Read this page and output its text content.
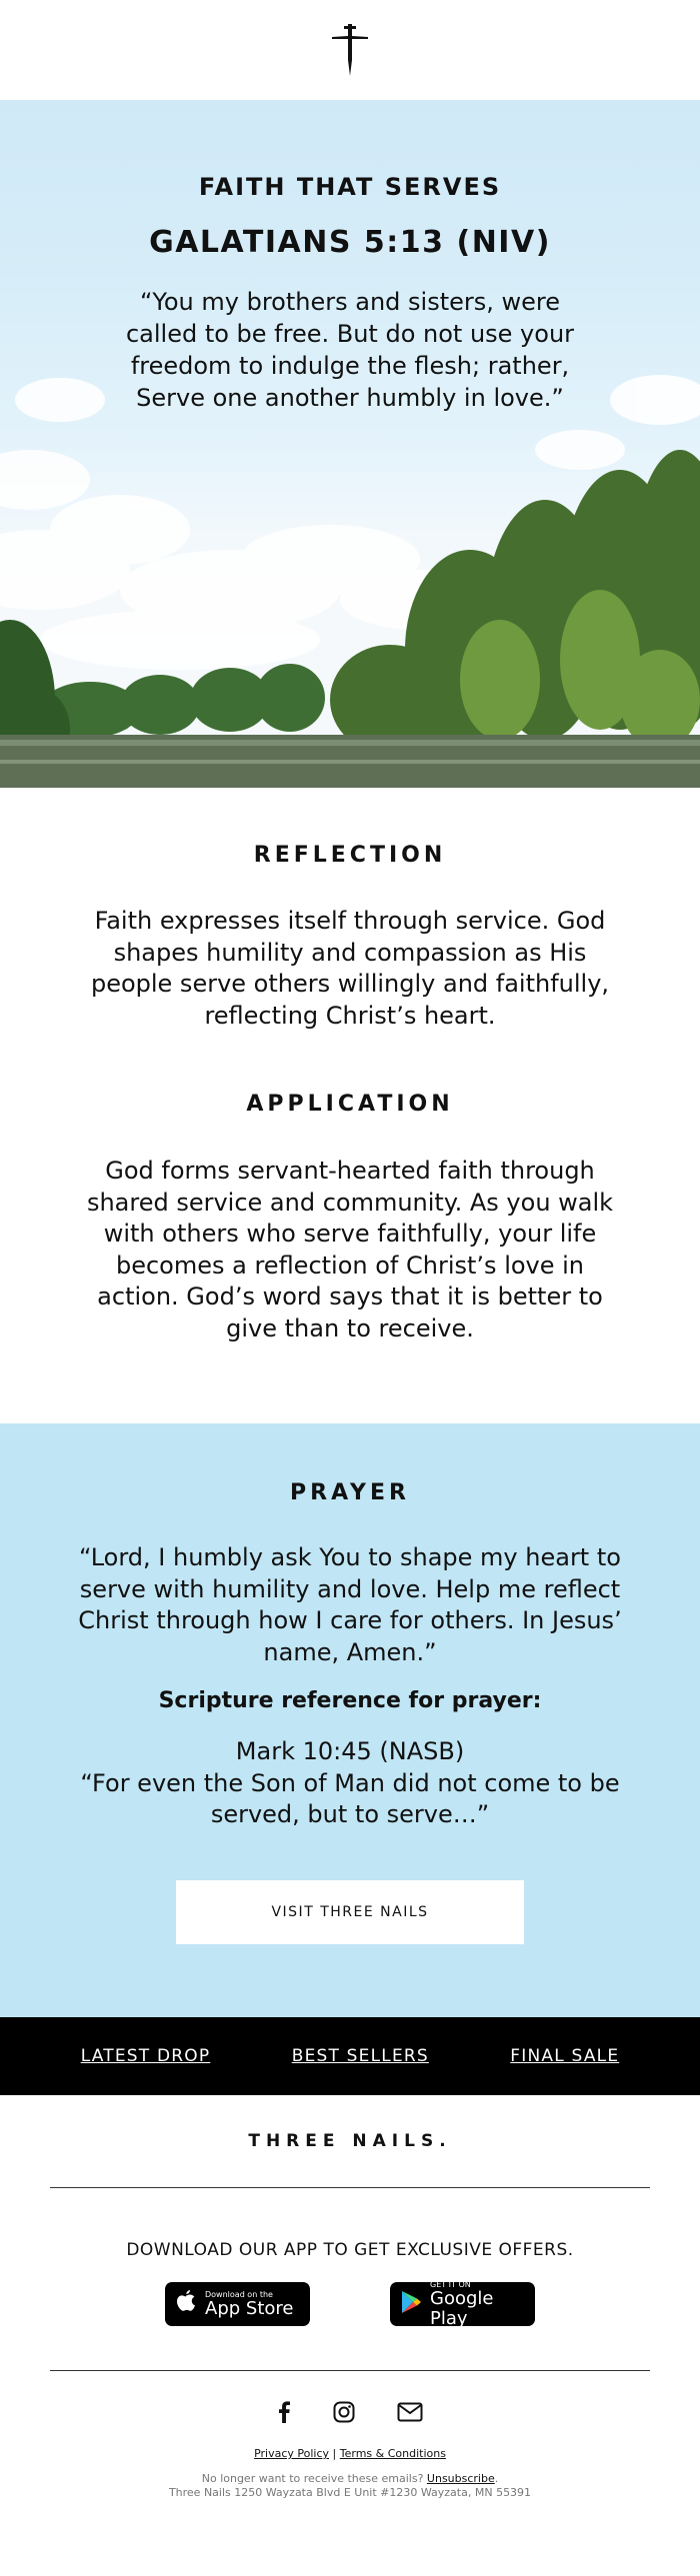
FAITH THAT SERVES
GALATIANS 5:13 (NIV)
“You my brothers and sisters, were called to be free. But do not use your freedom to indulge the flesh; rather, Serve one another humbly in love.”
REFLECTION
Faith expresses itself through service. God shapes humility and compassion as His people serve others willingly and faithfully, reflecting Christ’s heart.
APPLICATION
God forms servant-hearted faith through shared service and community. As you walk with others who serve faithfully, your life becomes a reflection of Christ’s love in action. God’s word says that it is better to give than to receive.
PRAYER
“Lord, I humbly ask You to shape my heart to serve with humility and love. Help me reflect Christ through how I care for others. In Jesus’ name, Amen.”
Scripture reference for prayer:
Mark 10:45 (NASB)
“For even the Son of Man did not come to be served, but to serve…”
VISIT THREE NAILS
LATEST DROP	BEST SELLERS	FINAL SALE
THREE NAILS.
DOWNLOAD OUR APP TO GET EXCLUSIVE OFFERS.
Download on the
App Store
GET IT ON
Google Play
Privacy Policy | Terms & Conditions
No longer want to receive these emails? Unsubscribe.
Three Nails 1250 Wayzata Blvd E Unit #1230 Wayzata, MN 55391
